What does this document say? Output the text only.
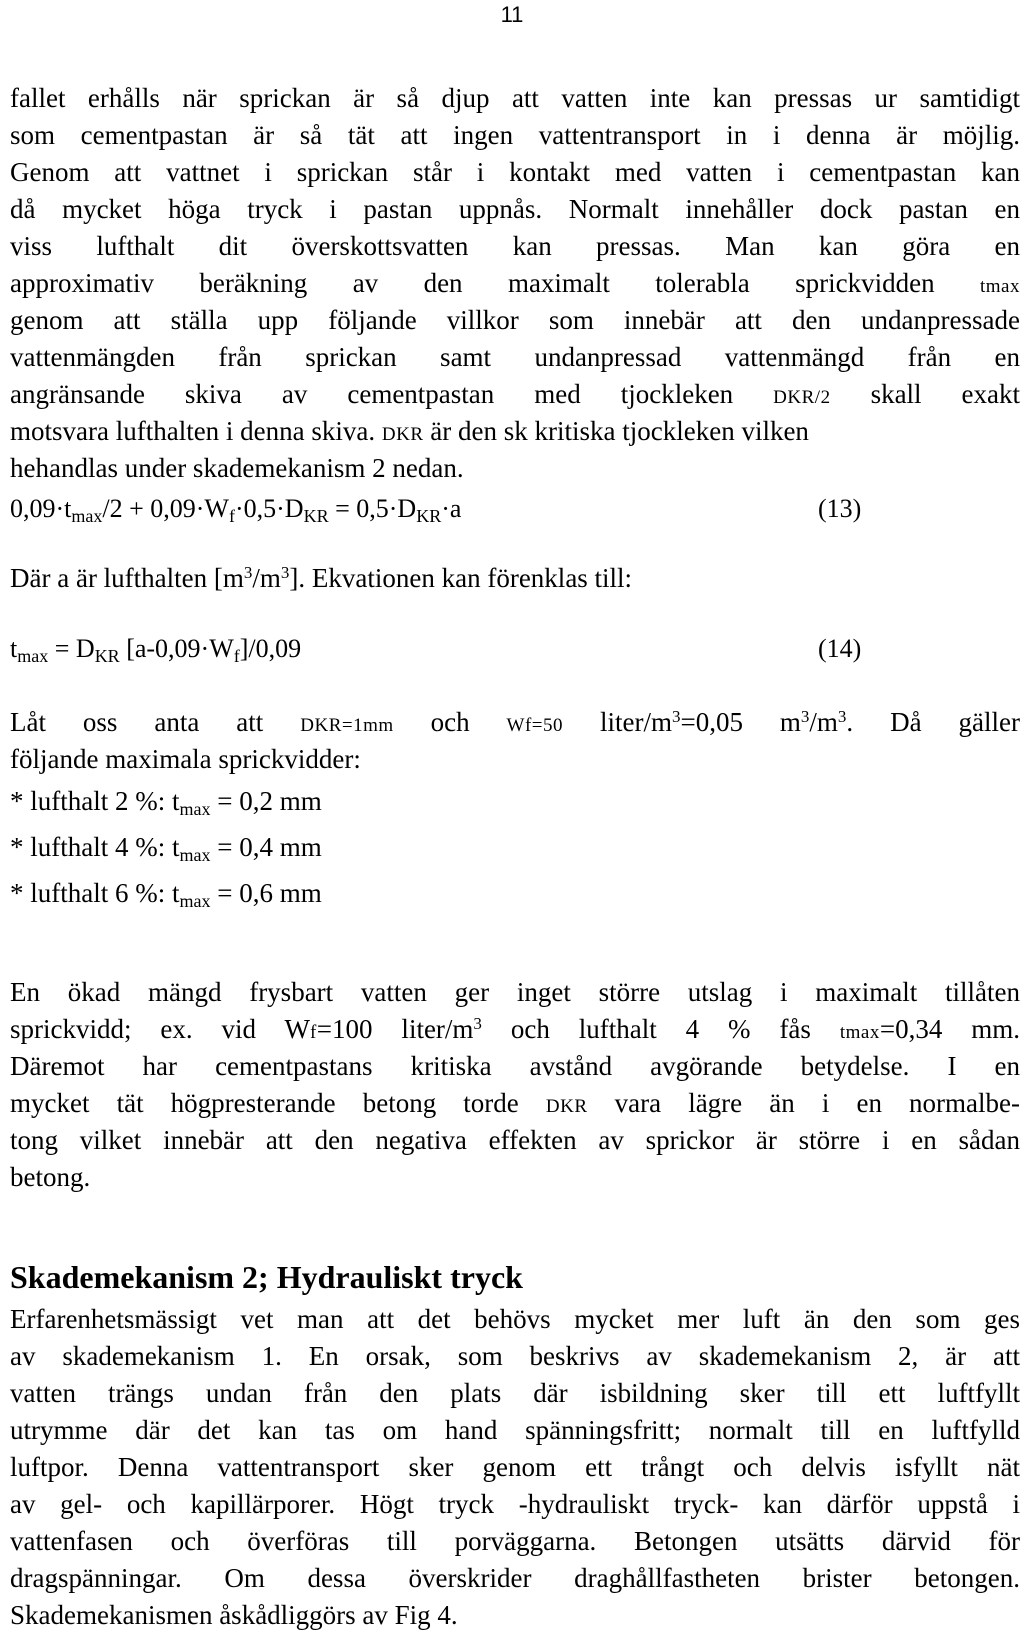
11
fallet erhålls när sprickan är så djup att vatten inte kan pressas ur samtidigt
som cementpastan är så tät att ingen vattentransport in i denna är möjlig.
Genom att vattnet i sprickan står i kontakt med vatten i cementpastan kan
då mycket höga tryck i pastan uppnås. Normalt innehåller dock pastan en
viss lufthalt dit överskottsvatten kan pressas. Man kan göra en
approximativ beräkning av den maximalt tolerabla sprickvidden tmax
genom att ställa upp följande villkor som innebär att den undanpressade
vattenmängden från sprickan samt undanpressad vattenmängd från en
angränsande skiva av cementpastan med tjockleken DKR/2 skall exakt
motsvara lufthalten i denna skiva. DKR är den sk kritiska tjockleken vilken
hehandlas under skademekanism 2 nedan.
$0,09\cdot t_{max}/2 + 0,09\cdot W_f\cdot 0,5\cdot D_{KR} = 0,5\cdot D_{KR}\cdot a$	(13)
Där a är lufthalten $[m^3/m^3]$. Ekvationen kan förenklas till:
$t_{max} = D_{KR}$ $[a-0,09\cdot W_f]/0,09$	(14)
Låt oss anta att DKR=1mm och Wf=50 liter/$m^3=0,05$ $m^3/m^3$. Då gäller
följande maximala sprickvidder:
* lufthalt 2 %: $t_{max} = 0,2$ mm
* lufthalt 4 %: $t_{max} = 0,4$ mm
* lufthalt 6 %: $t_{max} = 0,6$ mm
En ökad mängd frysbart vatten ger inget större utslag i maximalt tillåten
sprickvidd; ex. vid Wf=100 liter/$m^3$ och lufthalt 4 % fås tmax=0,34 mm.
Däremot har cementpastans kritiska avstånd avgörande betydelse. I en
mycket tät högpresterande betong torde DKR vara lägre än i en normalbe-
tong vilket innebär att den negativa effekten av sprickor är större i en sådan
betong.
Skademekanism 2; Hydrauliskt tryck
Erfarenhetsmässigt vet man att det behövs mycket mer luft än den som ges
av skademekanism 1. En orsak, som beskrivs av skademekanism 2, är att
vatten trängs undan från den plats där isbildning sker till ett luftfyllt
utrymme där det kan tas om hand spänningsfritt; normalt till en luftfylld
luftpor. Denna vattentransport sker genom ett trångt och delvis isfyllt nät
av gel- och kapillärporer. Högt tryck -hydrauliskt tryck- kan därför uppstå i
vattenfasen och överföras till porväggarna. Betongen utsätts därvid för
dragspänningar. Om dessa överskrider draghållfastheten brister betongen.
Skademekanismen åskådliggörs av Fig 4.
